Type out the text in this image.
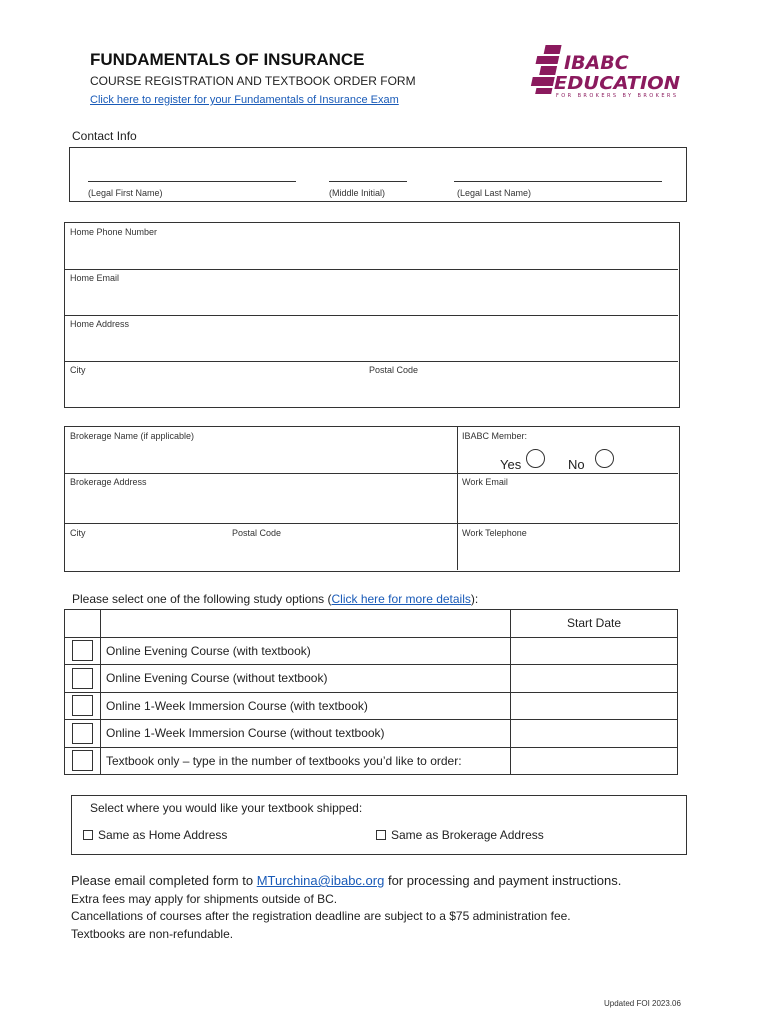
FUNDAMENTALS OF INSURANCE
COURSE REGISTRATION AND TEXTBOOK ORDER FORM
Click here to register for your Fundamentals of Insurance Exam
IBABC
EDUCATION
FOR BROKERS BY BROKERS
Contact Info
(Legal First Name)	(Middle Initial)	(Legal Last Name)
Home Phone Number
Home Email
Home Address
City	Postal Code
Brokerage Name (if applicable)	IBABC Member:
Yes	No
Brokerage Address	Work Email
City	Postal Code	Work Telephone
Please select one of the following study options (Click here for more details):
		Start Date

	Online Evening Course (with textbook)	

	Online Evening Course (without textbook)	

	Online 1-Week Immersion Course (with textbook)	

	Online 1-Week Immersion Course (without textbook)	

	Textbook only – type in the number of textbooks you’d like to order:	
Select where you would like your textbook shipped:
Same as Home Address	Same as Brokerage Address
Please email completed form to MTurchina@ibabc.org for processing and payment instructions.
Extra fees may apply for shipments outside of BC.
Cancellations of courses after the registration deadline are subject to a $75 administration fee.
Textbooks are non-refundable.
Updated FOI 2023.06
